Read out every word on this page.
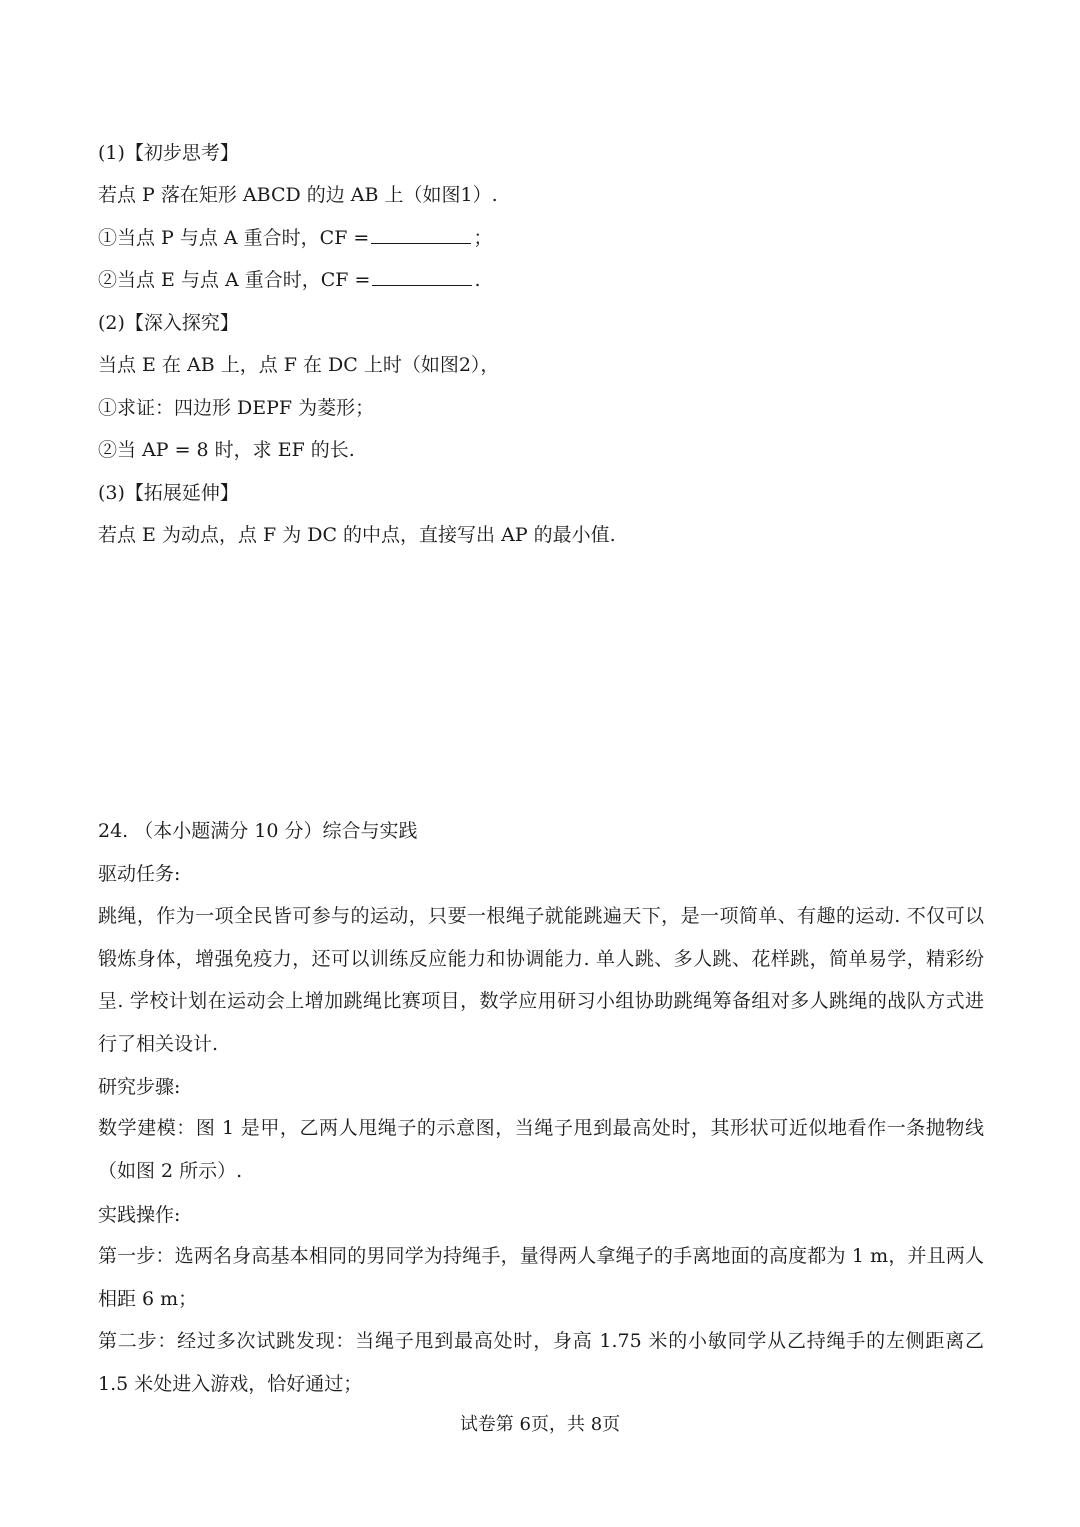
(1)【初步思考】
若点 P 落在矩形 ABCD 的边 AB 上（如图1）.
①当点 P 与点 A 重合时，CF =	；
②当点 E 与点 A 重合时，CF =	.
(2)【深入探究】
当点 E 在 AB 上，点 F 在 DC 上时（如图2），
①求证：四边形 DEPF 为菱形；
②当 AP = 8 时，求 EF 的长.
(3)【拓展延伸】
若点 E 为动点，点 F 为 DC 的中点，直接写出 AP 的最小值.
24. （本小题满分 10 分）综合与实践
驱动任务:
跳绳，作为一项全民皆可参与的运动，只要一根绳子就能跳遍天下，是一项简单、有趣的运动. 不仅可以锻炼身体，增强免疫力，还可以训练反应能力和协调能力. 单人跳、多人跳、花样跳，简单易学，精彩纷呈. 学校计划在运动会上增加跳绳比赛项目，数学应用研习小组协助跳绳筹备组对多人跳绳的战队方式进行了相关设计.
研究步骤:
数学建模：图 1 是甲，乙两人甩绳子的示意图，当绳子甩到最高处时，其形状可近似地看作一条抛物线（如图 2 所示）.
实践操作:
第一步：选两名身高基本相同的男同学为持绳手，量得两人拿绳子的手离地面的高度都为 1 m，并且两人相距 6 m；
第二步：经过多次试跳发现：当绳子甩到最高处时，身高 1.75 米的小敏同学从乙持绳手的左侧距离乙 1.5 米处进入游戏，恰好通过；
试卷第 6页，共 8页
